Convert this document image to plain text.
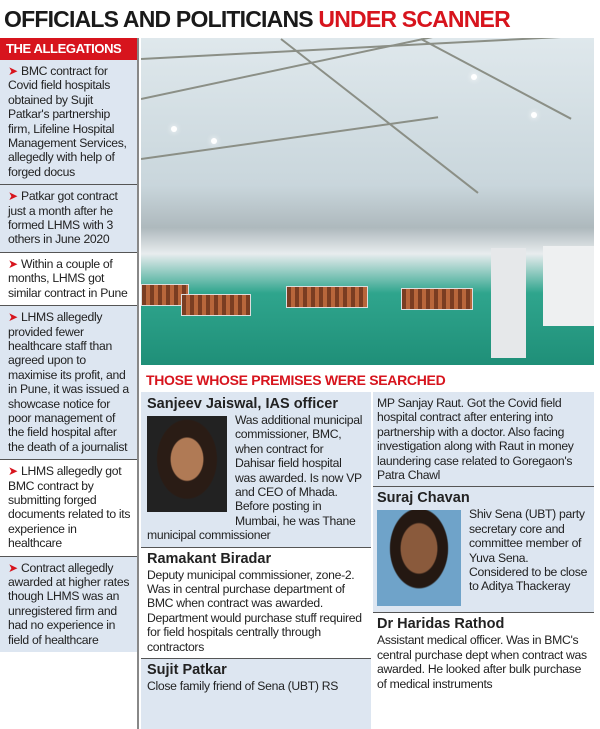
OFFICIALS AND POLITICIANS UNDER SCANNER
THE ALLEGATIONS
➤ BMC contract for Covid field hospitals obtained by Sujit Patkar's partnership firm, Lifeline Hospital Management Services, allegedly with help of forged docus
➤ Patkar got contract just a month after he formed LHMS with 3 others in June 2020
➤ Within a couple of months, LHMS got similar contract in Pune
➤ LHMS allegedly provided fewer healthcare staff than agreed upon to maximise its profit, and in Pune, it was issued a showcase notice for poor management of the field hospital after the death of a journalist
➤ LHMS allegedly got BMC contract by submitting forged documents related to its experience in healthcare
➤ Contract allegedly awarded at higher rates though LHMS was an unregistered firm and had no experience in field of healthcare
THOSE WHOSE PREMISES WERE SEARCHED
Sanjeev Jaiswal, IAS officer
Was additional municipal commissioner, BMC, when contract for Dahisar field hospital was awarded. Is now VP and CEO of Mhada. Before posting in Mumbai, he was Thane municipal commissioner
Ramakant Biradar
Deputy municipal commissioner, zone-2. Was in central purchase department of BMC when contract was awarded. Department would purchase stuff required for field hospitals centrally through contractors
Sujit Patkar
Close family friend of Sena (UBT) RS
MP Sanjay Raut. Got the Covid field hospital contract after entering into partnership with a doctor. Also facing investigation along with Raut in money laundering case related to Goregaon's Patra Chawl
Suraj Chavan
Shiv Sena (UBT) party secretary core and committee member of Yuva Sena. Considered to be close to Aditya Thackeray
Dr Haridas Rathod
Assistant medical officer. Was in BMC's central purchase dept when contract was awarded. He looked after bulk purchase of medical instruments
